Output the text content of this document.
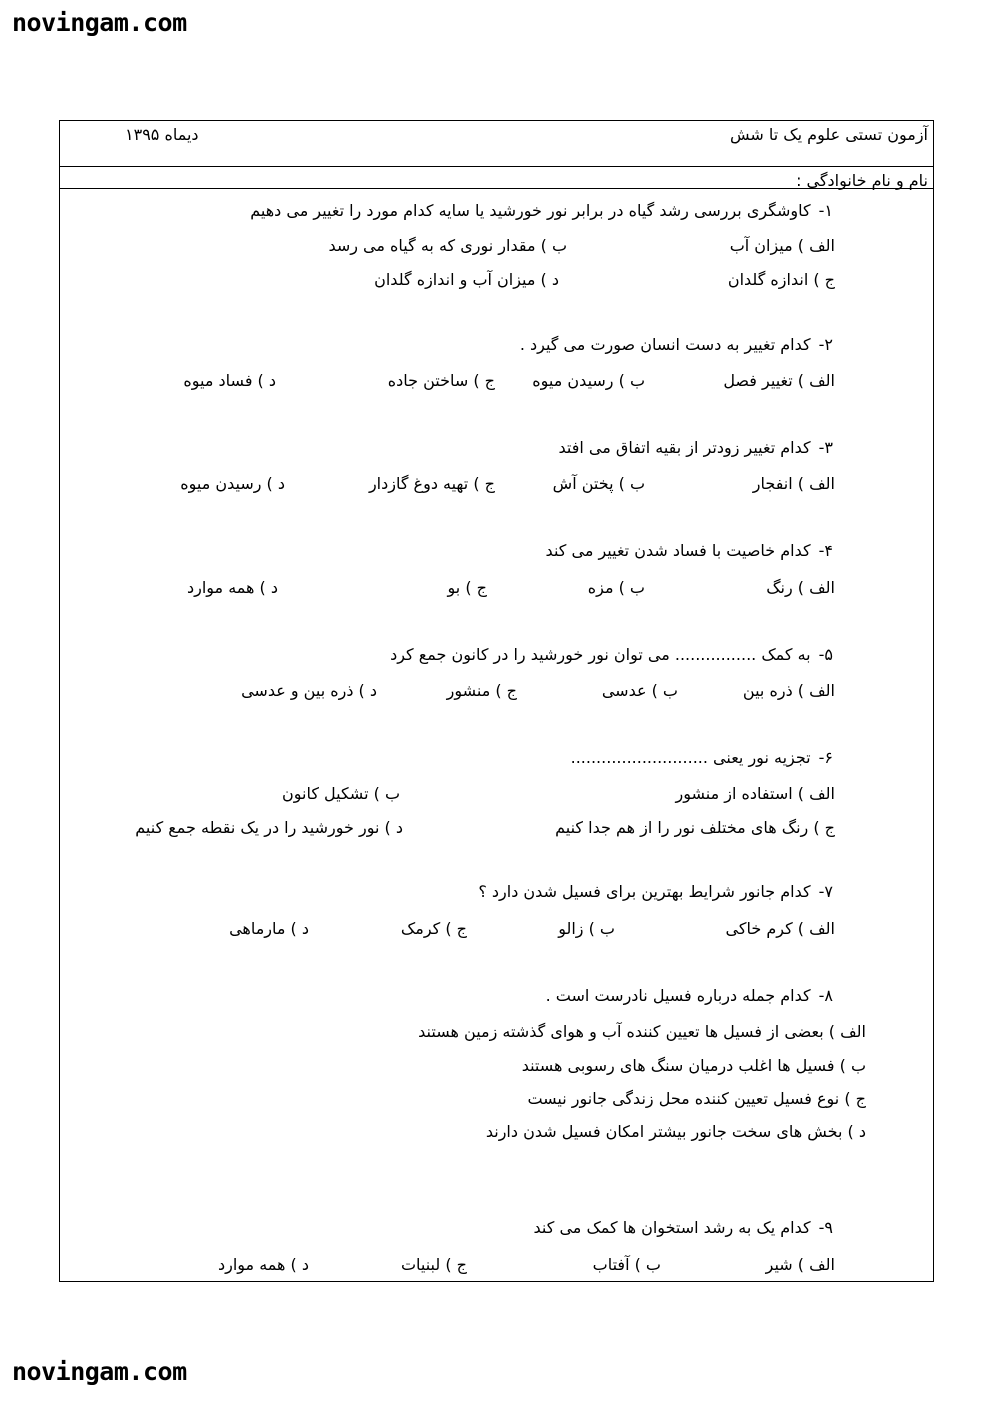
novingam.com
novingam.com
آزمون تستی علوم یک تا شش
دیماه ۱۳۹۵
نام و نام خانوادگی :
۱-کاوشگری بررسی رشد گیاه در برابر نور خورشید یا سایه کدام مورد را تغییر می دهیم
الف ) میزان آب
ب ) مقدار نوری که به گیاه می رسد
ج ) اندازه گلدان
د ) میزان آب و اندازه گلدان
۲-کدام تغییر به دست انسان صورت می گیرد .
الف ) تغییر فصل
ب ) رسیدن میوه
ج ) ساختن جاده
د ) فساد میوه
۳-کدام تغییر زودتر از بقیه اتفاق می افتد
الف ) انفجار
ب ) پختن آش
ج ) تهیه دوغ گازدار
د ) رسیدن میوه
۴-کدام خاصیت با فساد شدن تغییر می کند
الف ) رنگ
ب ) مزه
ج ) بو
د ) همه موارد
۵-به کمک ................ می توان نور خورشید را در کانون جمع کرد
الف ) ذره بین
ب ) عدسی
ج ) منشور
د ) ذره بین و عدسی
۶-تجزیه نور یعنی ...........................
الف ) استفاده از منشور
ب ) تشکیل کانون
ج ) رنگ های مختلف نور را از هم جدا کنیم
د ) نور خورشید را در یک نقطه جمع کنیم
۷-کدام جانور شرایط بهترین برای فسیل شدن دارد ؟
الف ) کرم خاکی
ب ) زالو
ج ) کرمک
د ) مارماهی
۸-کدام جمله درباره فسیل نادرست است .
الف ) بعضی از فسیل ها تعیین کننده آب و هوای گذشته زمین هستند
ب ) فسیل ها اغلب درمیان سنگ های رسوبی هستند
ج ) نوع فسیل تعیین کننده محل زندگی جانور نیست
د ) بخش های سخت جانور بیشتر امکان فسیل شدن دارند
۹-کدام یک به رشد استخوان ها کمک می کند
الف ) شیر
ب ) آفتاب
ج ) لبنیات
د ) همه موارد
